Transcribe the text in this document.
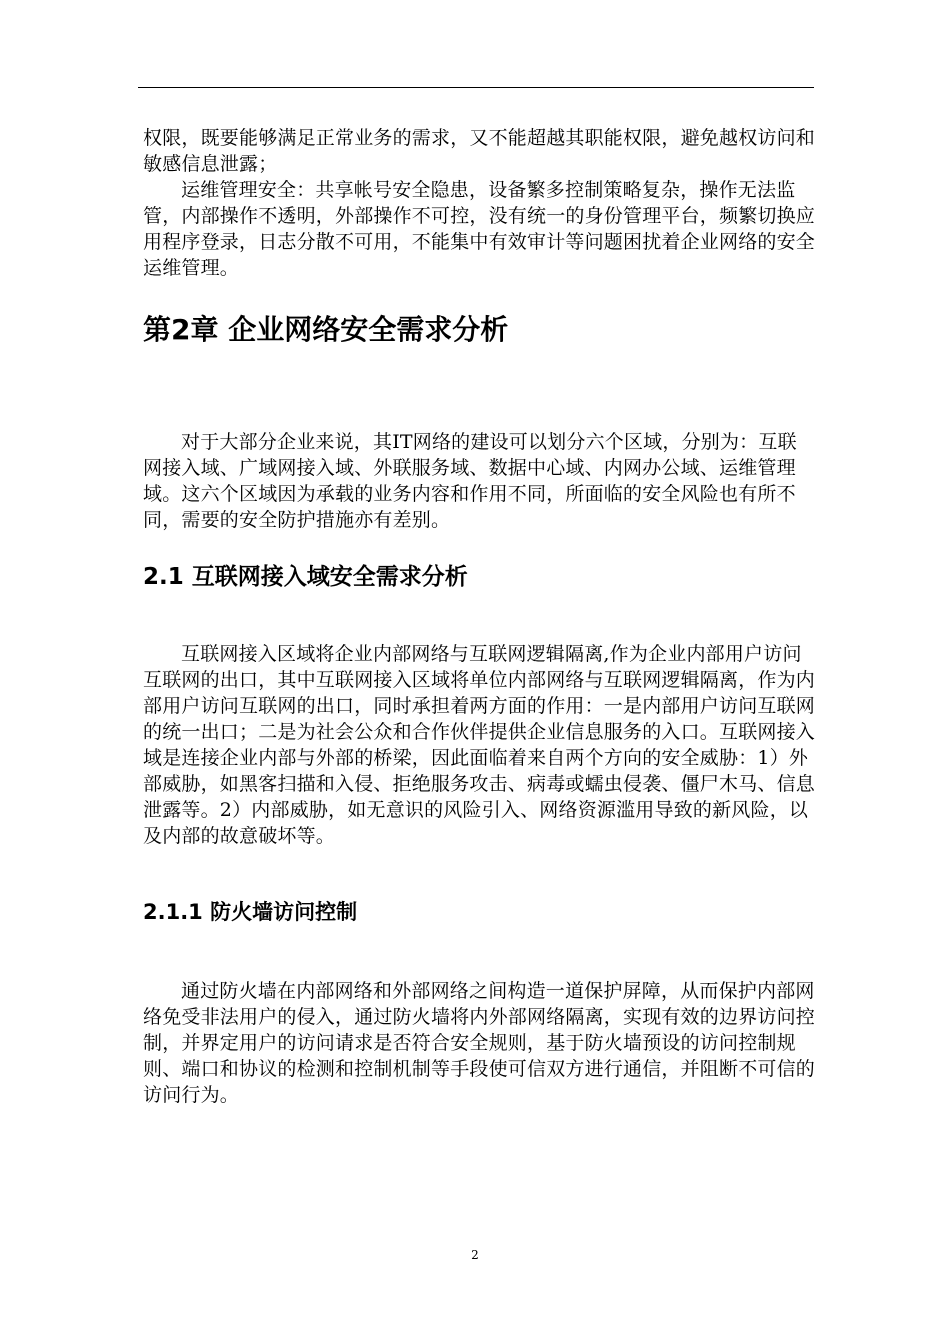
权限，既要能够满足正常业务的需求，又不能超越其职能权限，避免越权访问和敏感信息泄露；

运维管理安全：共享帐号安全隐患，设备繁多控制策略复杂，操作无法监管，内部操作不透明，外部操作不可控，没有统一的身份管理平台，频繁切换应用程序登录，日志分散不可用，不能集中有效审计等问题困扰着企业网络的安全运维管理。

第2章 企业网络安全需求分析

对于大部分企业来说，其IT网络的建设可以划分六个区域，分别为：互联网接入域、广域网接入域、外联服务域、数据中心域、内网办公域、运维管理域。这六个区域因为承载的业务内容和作用不同，所面临的安全风险也有所不同，需要的安全防护措施亦有差别。

2.1 互联网接入域安全需求分析

互联网接入区域将企业内部网络与互联网逻辑隔离,作为企业内部用户访问互联网的出口，其中互联网接入区域将单位内部网络与互联网逻辑隔离，作为内部用户访问互联网的出口，同时承担着两方面的作用：一是内部用户访问互联网的统一出口；二是为社会公众和合作伙伴提供企业信息服务的入口。互联网接入域是连接企业内部与外部的桥梁，因此面临着来自两个方向的安全威胁：1）外部威胁，如黑客扫描和入侵、拒绝服务攻击、病毒或蠕虫侵袭、僵尸木马、信息泄露等。2）内部威胁，如无意识的风险引入、网络资源滥用导致的新风险，以及内部的故意破坏等。

2.1.1 防火墙访问控制

通过防火墙在内部网络和外部网络之间构造一道保护屏障，从而保护内部网络免受非法用户的侵入，通过防火墙将内外部网络隔离，实现有效的边界访问控制，并界定用户的访问请求是否符合安全规则，基于防火墙预设的访问控制规则、端口和协议的检测和控制机制等手段使可信双方进行通信，并阻断不可信的访问行为。

2
